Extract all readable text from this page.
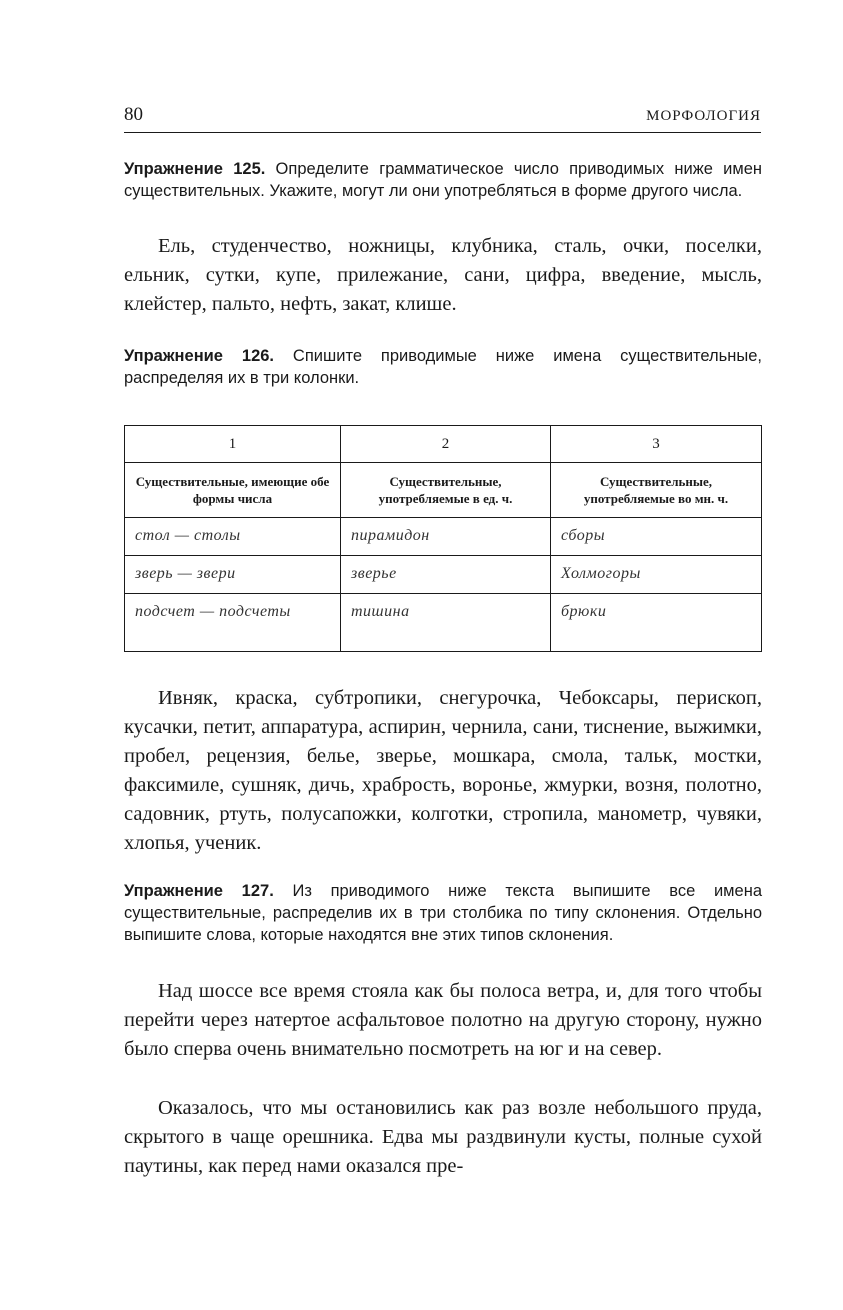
80	МОРФОЛОГИЯ
Упражнение 125. Определите грамматическое число приводимых ниже имен существительных. Укажите, могут ли они употребляться в форме другого числа.

Ель, студенчество, ножницы, клубника, сталь, очки, поселки, ельник, сутки, купе, прилежание, сани, цифра, введение, мысль, клейстер, пальто, нефть, закат, клише.

Упражнение 126. Спишите приводимые ниже имена существительные, распределяя их в три колонки.
1	2	3
Существительные, имеющие обе формы числа	Существительные, употребляемые в ед. ч.	Существительные, употребляемые во мн. ч.
стол — столы	пирамидон	сборы
зверь — звери	зверье	Холмогоры
подсчет — подсчеты	тишина	брюки

Ивняк, краска, субтропики, снегурочка, Чебоксары, перископ, кусачки, петит, аппаратура, аспирин, чернила, сани, тиснение, выжимки, пробел, рецензия, белье, зверье, мошкара, смола, тальк, мостки, факсимиле, сушняк, дичь, храбрость, воронье, жмурки, возня, полотно, садовник, ртуть, полусапожки, колготки, стропила, манометр, чувяки, хлопья, ученик.

Упражнение 127. Из приводимого ниже текста выпишите все имена существительные, распределив их в три столбика по типу склонения. Отдельно выпишите слова, которые находятся вне этих типов склонения.

Над шоссе все время стояла как бы полоса ветра, и, для того чтобы перейти через натертое асфальтовое полотно на другую сторону, нужно было сперва очень внимательно посмотреть на юг и на север.

Оказалось, что мы остановились как раз возле небольшого пруда, скрытого в чаще орешника. Едва мы раздвинули кусты, полные сухой паутины, как перед нами оказался пре-
